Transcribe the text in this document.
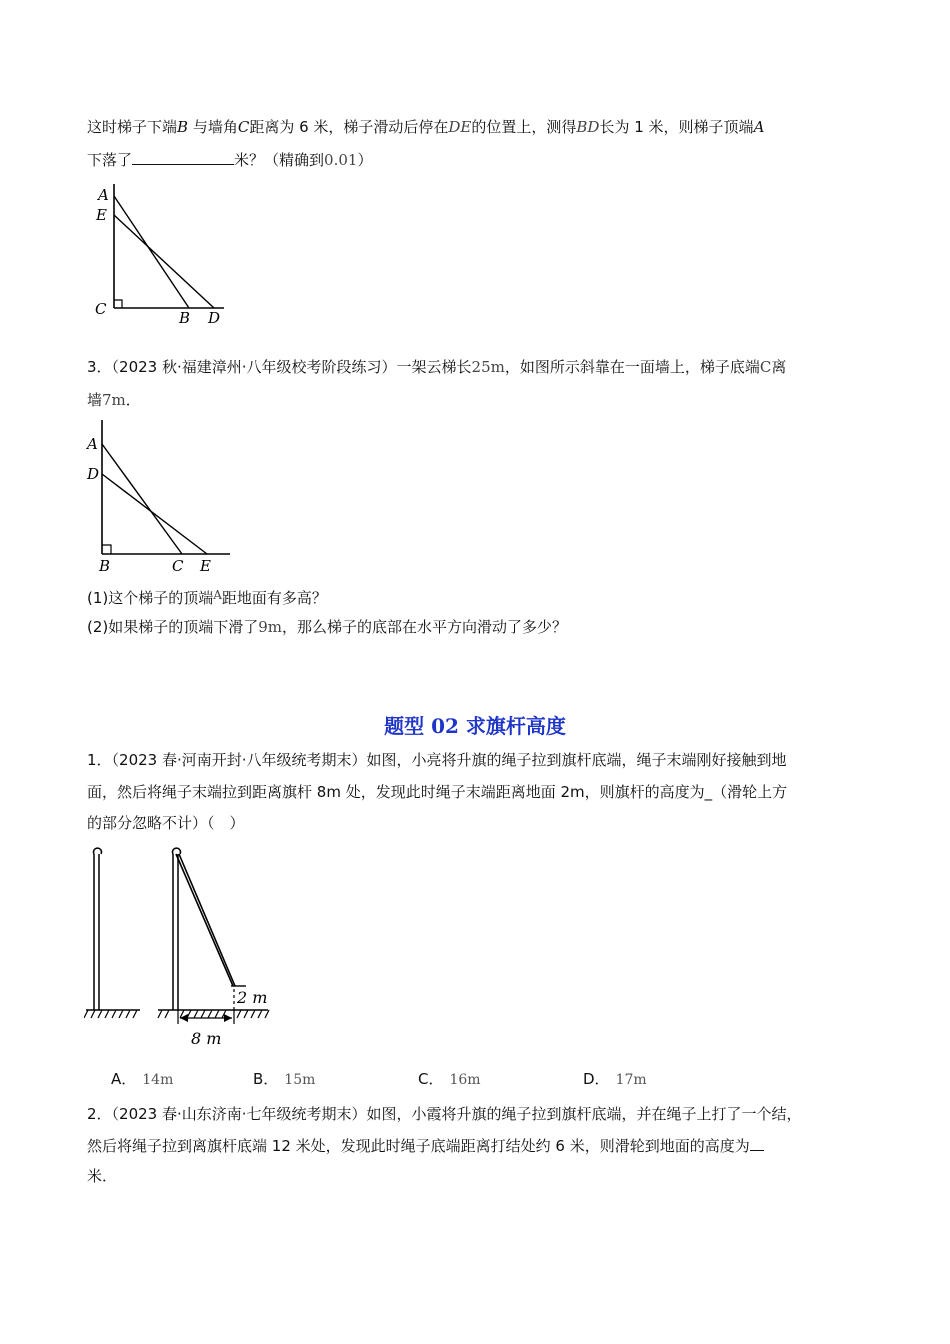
这时梯子下端B 与墙角C距离为 6 米，梯子滑动后停在DE的位置上，测得BD长为 1 米，则梯子顶端A
下落了	米？（精确到0.01）
A
E
C	B D
3．（2023 秋·福建漳州·八年级校考阶段练习）一架云梯长25m，如图所示斜靠在一面墙上，梯子底端C离
墙7m．
A
D
B	C E
(1)这个梯子的顶端$^A$距地面有多高？
(2)如果梯子的顶端下滑了9m，那么梯子的底部在水平方向滑动了多少？
题型 02 求旗杆高度
1．（2023 春·河南开封·八年级统考期末）如图，小亮将升旗的绳子拉到旗杆底端，绳子末端刚好接触到地
面，然后将绳子末端拉到距离旗杆 8m 处，发现此时绳子末端距离地面 2m，则旗杆的高度为_（滑轮上方
的部分忽略不计）（　）
2 m
8 m
A． 14m	B． 15m	C． 16m	D． 17m
2．（2023 春·山东济南·七年级统考期末）如图，小霞将升旗的绳子拉到旗杆底端，并在绳子上打了一个结，
然后将绳子拉到离旗杆底端 12 米处，发现此时绳子底端距离打结处约 6 米，则滑轮到地面的高度为
米．
